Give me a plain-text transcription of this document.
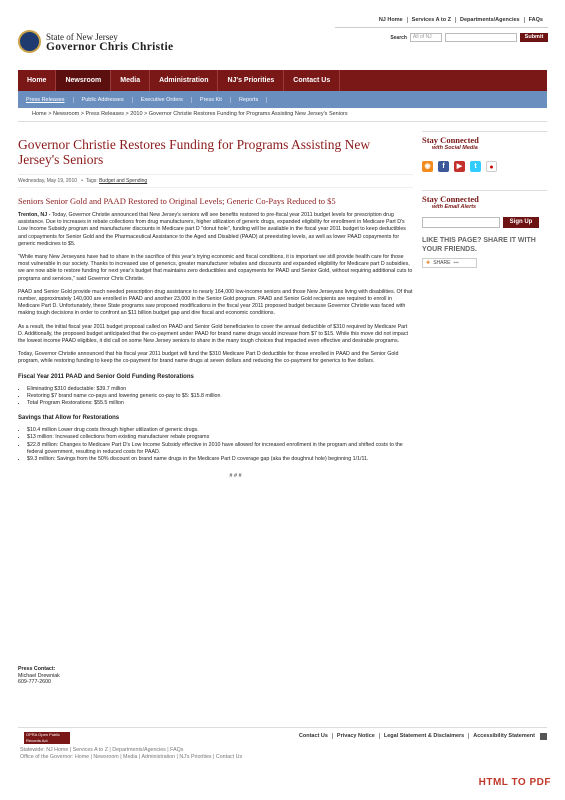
NJ Home	Services A to Z	Departments/Agencies	FAQs
State of New Jersey
Governor Chris Christie
Search	All of NJ	Submit
Home	Newsroom	Media	Administration	NJ's Priorities	Contact Us
Press Releases	Public Addresses	Executive Orders	Press Kit	Reports
Home > Newsroom > Press Releases > 2010 > Governor Christie Restores Funding for Programs Assisting New Jersey's Seniors
Governor Christie Restores Funding for Programs Assisting New Jersey's Seniors
Wednesday, May 19, 2010   •  Tags: Budget and Spending
Seniors Senior Gold and PAAD Restored to Original Levels; Generic Co-Pays Reduced to $5
Trenton, NJ - Today, Governor Christie announced that New Jersey's seniors will see benefits restored to pre-fiscal year 2011 budget levels for prescription drug assistance. Due to increases in rebate collections from drug manufacturers, higher utilization of generic drugs, expanded eligibility for enrollment in Medicare Part D's Low Income Subsidy program and manufacturer discounts in Medicare part D "donut hole", funding will be available in the fiscal year 2011 budget to keep deductibles and copayments for Senior Gold and the Pharmaceutical Assistance to the Aged and Disabled (PAAD) at preexisting levels, as well as lower PAAD copayments for generic medicines to $5.
"While many New Jerseyans have had to share in the sacrifice of this year's trying economic and fiscal conditions, it is important we still provide health care for those most vulnerable in our society. Thanks to increased use of generics, greater manufacturer rebates and discounts and expanded eligibility for Medicare part D subsidies, we are now able to restore funding for next year's budget that maintains zero deductibles and copayments for PAAD and Senior Gold, without requiring additional cuts to programs and services," said Governor Chris Christie.
PAAD and Senior Gold provide much needed prescription drug assistance to nearly 164,000 low-income seniors and those New Jerseyans living with disabilities. Of that number, approximately 140,000 are enrolled in PAAD and another 23,000 in the Senior Gold program. PAAD and Senior Gold recipients are required to enroll in Medicare Part D. Unfortunately, these State programs saw proposed modifications in the fiscal year 2011 proposed budget because Governor Christie was faced with making tough decisions in order to confront an $11 billion budget gap and dire fiscal and economic conditions.
As a result, the initial fiscal year 2011 budget proposal called on PAAD and Senior Gold beneficiaries to cover the annual deductible of $310 required by Medicare Part D. Additionally, the proposed budget anticipated that the co-payment under PAAD for brand name drugs would increase from $7 to $15. While this move did not impact the lowest income PAAD eligibles, it did call on some New Jersey seniors to share in the many tough choices that impacted even effective and desirable programs.
Today, Governor Christie announced that his fiscal year 2011 budget will fund the $310 Medicare Part D deductible for those enrolled in PAAD and the Senior Gold program, while restoring funding to keep the co-payment for brand name drugs at seven dollars and reducing the co-payment for generics to five dollars.
Fiscal Year 2011 PAAD and Senior Gold Funding Restorations
• Eliminating $310 deductable: $39.7 million
• Restoring $7 brand name co-pays and lowering generic co-pay to $5: $15.8 million
• Total Program Restorations: $55.5 million
Savings that Allow for Restorations
• $10.4 million Lower drug costs through higher utilization of generic drugs.
• $13 million: Increased collections from existing manufacturer rebate programs
• $22.8 million: Changes to Medicare Part D's Low Income Subsidy effective in 2010 have allowed for increased enrollment in the program and shifted costs to the federal government, resulting in reduced costs for PAAD.
• $9.3 million: Savings from the 50% discount on brand name drugs in the Medicare Part D coverage gap (aka the doughnut hole) beginning 1/1/11.
# # #
Press Contact:
Michael Drewniak
609-777-2600
Stay Connected
with Social Media
◉	f	▶	t	●
Stay Connected
with Email Alerts
Sign Up
LIKE THIS PAGE? SHARE IT WITH YOUR FRIENDS.
✚ SHARE ▪▪▪
OPRA Open Public Records Act
Contact Us	Privacy Notice	Legal Statement & Disclaimers	Accessibility Statement
Statewide: NJ Home | Services A to Z | Departments/Agencies | FAQs
Office of the Governor: Home | Newsroom | Media | Administration | NJ's Priorities | Contact Us
HTML TO PDF
